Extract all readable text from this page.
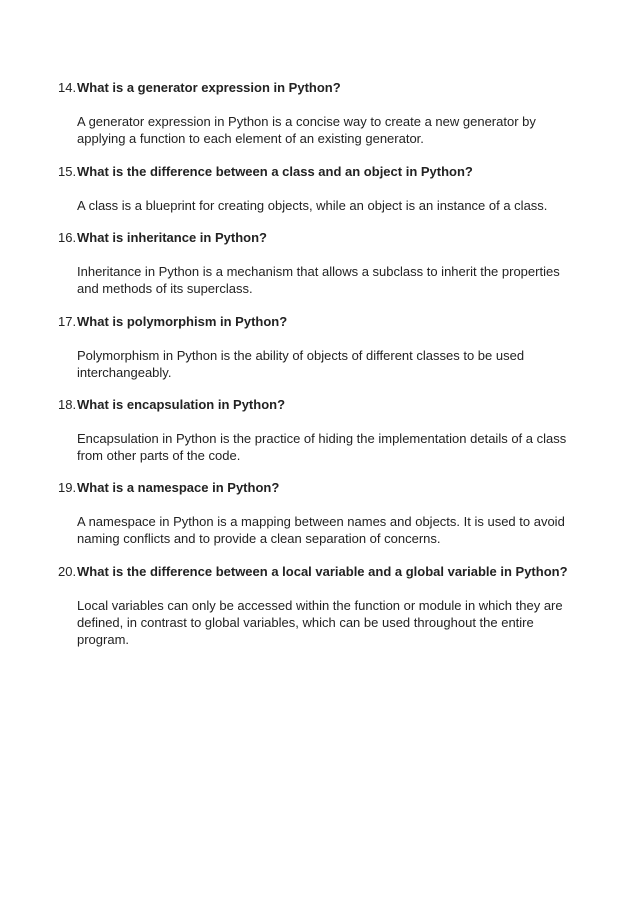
14. What is a generator expression in Python?

A generator expression in Python is a concise way to create a new generator by applying a function to each element of an existing generator.

15. What is the difference between a class and an object in Python?

A class is a blueprint for creating objects, while an object is an instance of a class.

16. What is inheritance in Python?

Inheritance in Python is a mechanism that allows a subclass to inherit the properties and methods of its superclass.

17. What is polymorphism in Python?

Polymorphism in Python is the ability of objects of different classes to be used interchangeably.

18. What is encapsulation in Python?

Encapsulation in Python is the practice of hiding the implementation details of a class from other parts of the code.

19. What is a namespace in Python?

A namespace in Python is a mapping between names and objects. It is used to avoid naming conflicts and to provide a clean separation of concerns.

20. What is the difference between a local variable and a global variable in Python?

Local variables can only be accessed within the function or module in which they are defined, in contrast to global variables, which can be used throughout the entire program.
